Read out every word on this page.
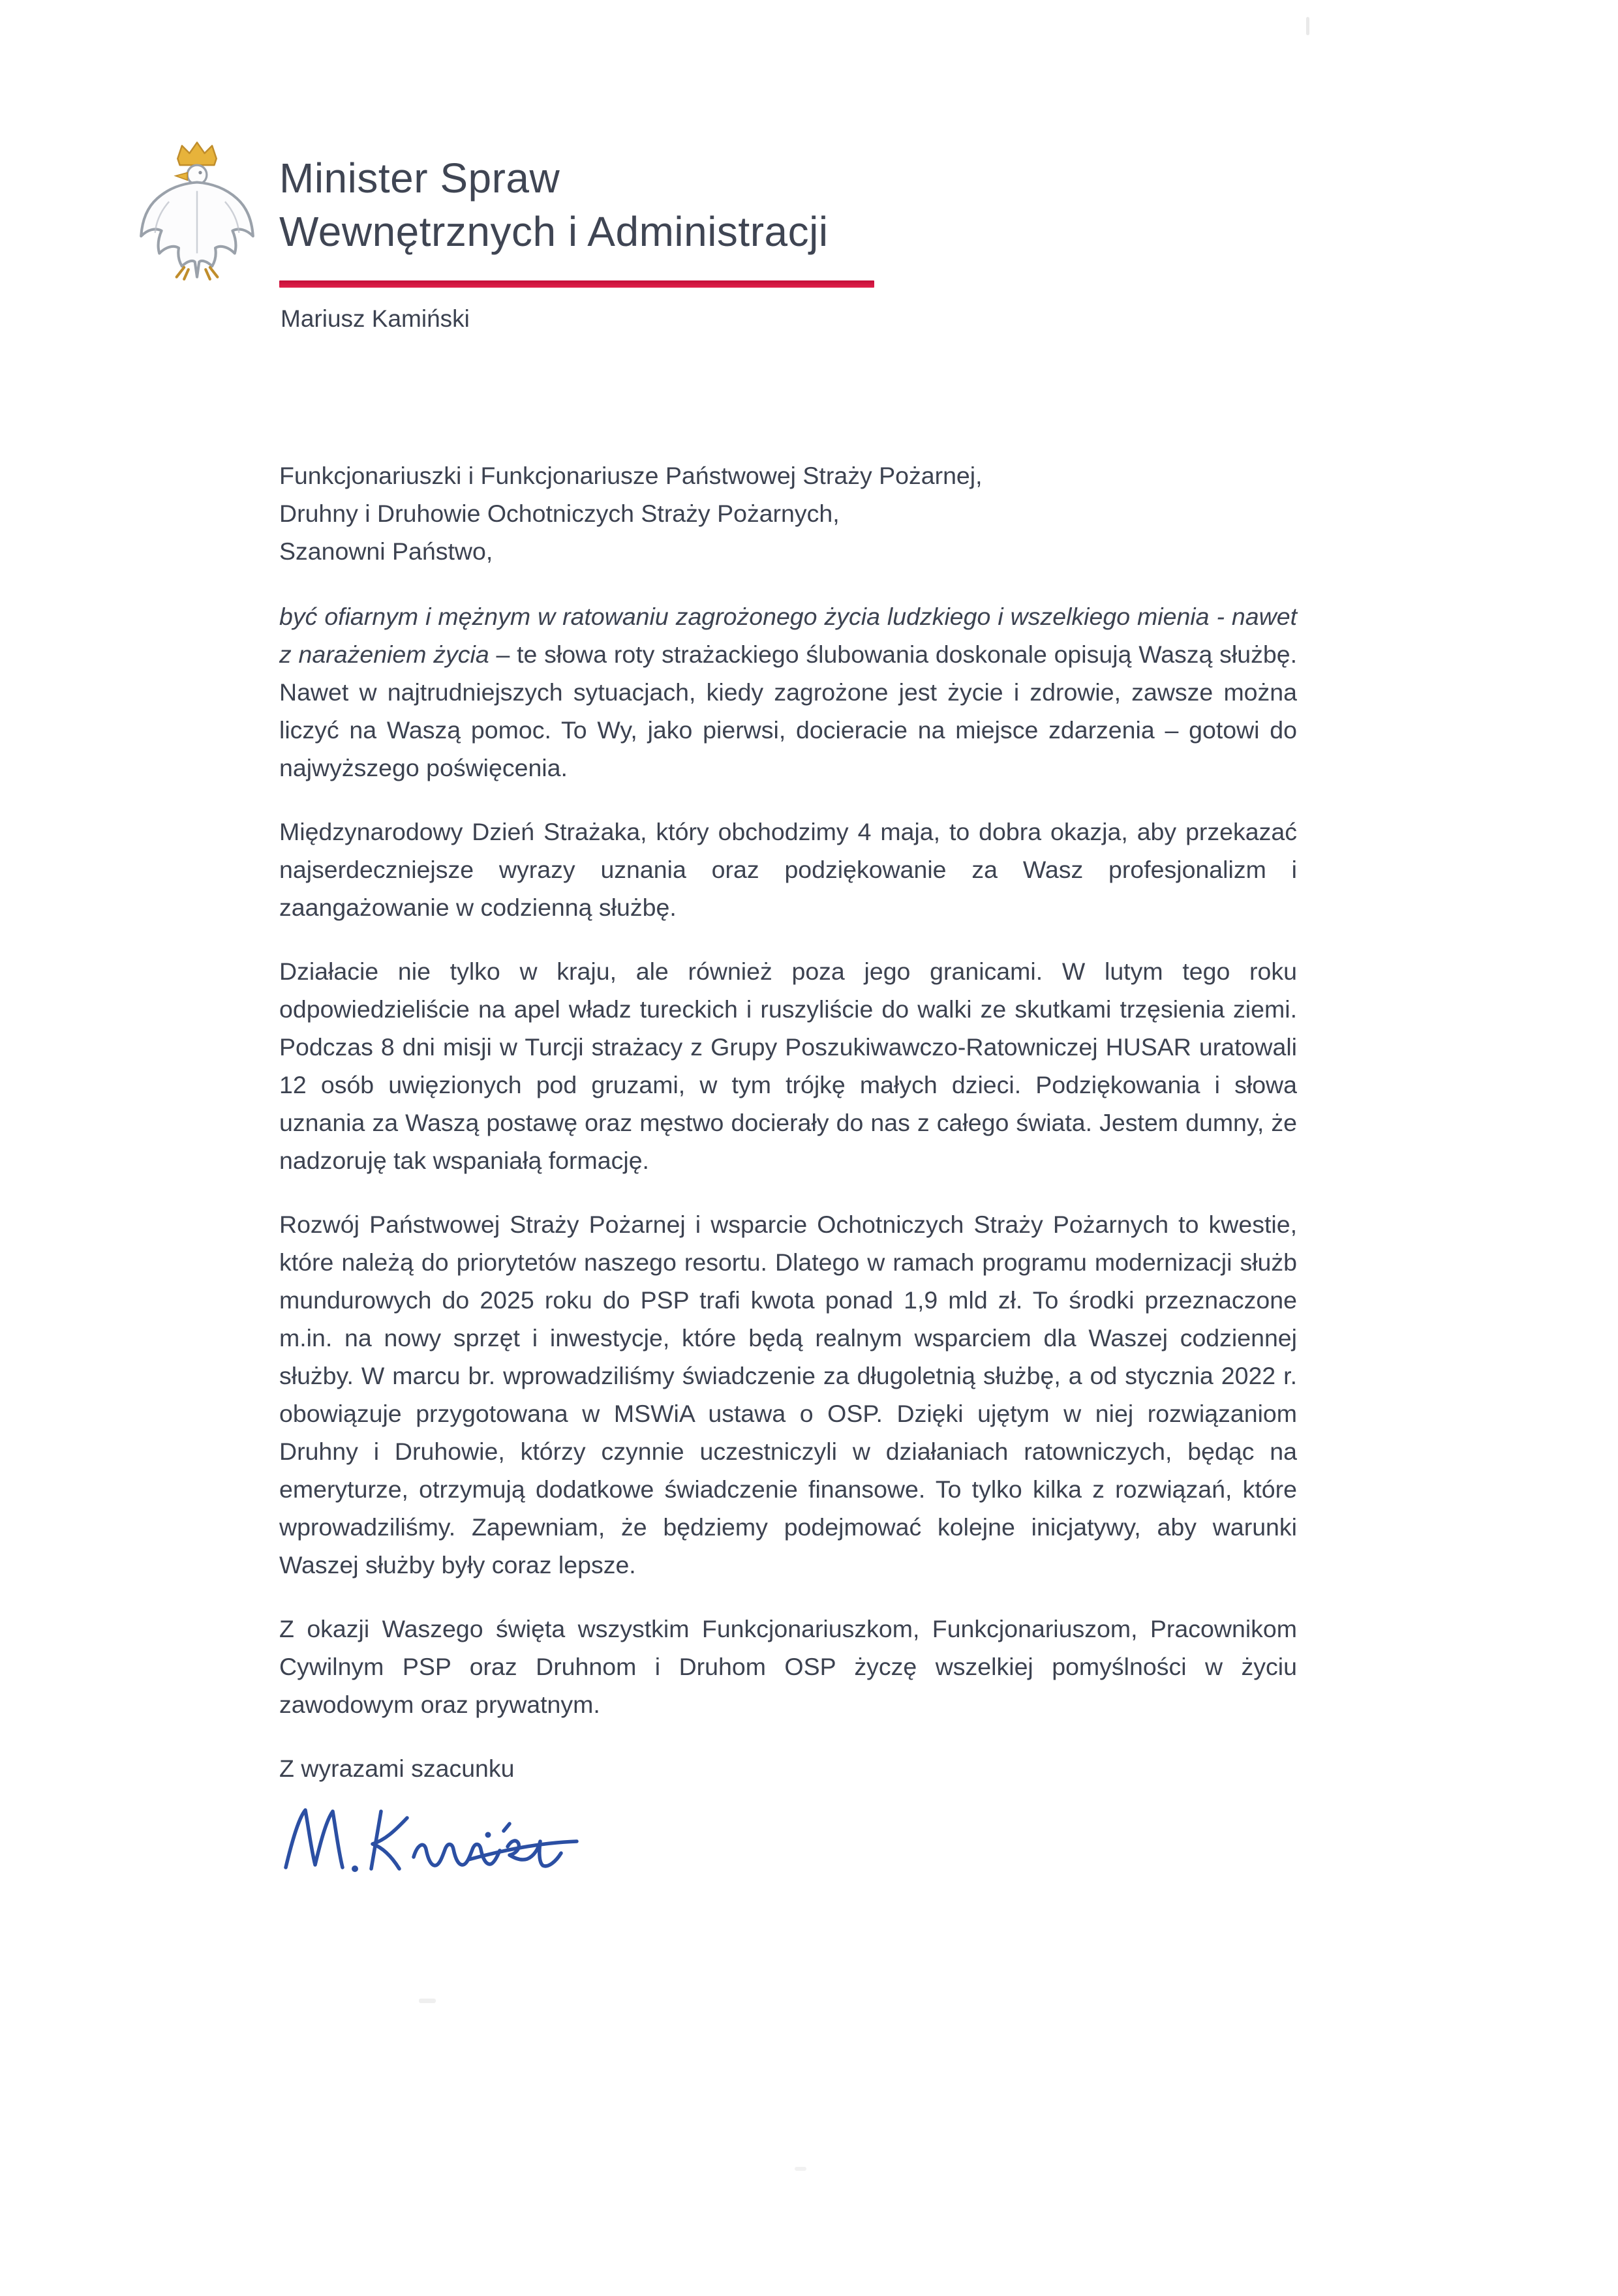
Minister Spraw
Wewnętrznych i Administracji
Mariusz Kamiński
Funkcjonariuszki i Funkcjonariusze Państwowej Straży Pożarnej,
Druhny i Druhowie Ochotniczych Straży Pożarnych,
Szanowni Państwo,

być ofiarnym i mężnym w ratowaniu zagrożonego życia ludzkiego i wszelkiego mienia - nawet z narażeniem życia – te słowa roty strażackiego ślubowania doskonale opisują Waszą służbę. Nawet w najtrudniejszych sytuacjach, kiedy zagrożone jest życie i zdrowie, zawsze można liczyć na Waszą pomoc. To Wy, jako pierwsi, docieracie na miejsce zdarzenia – gotowi do najwyższego poświęcenia.

Międzynarodowy Dzień Strażaka, który obchodzimy 4 maja, to dobra okazja, aby przekazać najserdeczniejsze wyrazy uznania oraz podziękowanie za Wasz profesjonalizm i zaangażowanie w codzienną służbę.

Działacie nie tylko w kraju, ale również poza jego granicami. W lutym tego roku odpowiedzieliście na apel władz tureckich i ruszyliście do walki ze skutkami trzęsienia ziemi. Podczas 8 dni misji w Turcji strażacy z Grupy Poszukiwawczo-Ratowniczej HUSAR uratowali 12 osób uwięzionych pod gruzami, w tym trójkę małych dzieci. Podziękowania i słowa uznania za Waszą postawę oraz męstwo docierały do nas z całego świata. Jestem dumny, że nadzoruję tak wspaniałą formację.

Rozwój Państwowej Straży Pożarnej i wsparcie Ochotniczych Straży Pożarnych to kwestie, które należą do priorytetów naszego resortu. Dlatego w ramach programu modernizacji służb mundurowych do 2025 roku do PSP trafi kwota ponad 1,9 mld zł. To środki przeznaczone m.in. na nowy sprzęt i inwestycje, które będą realnym wsparciem dla Waszej codziennej służby. W marcu br. wprowadziliśmy świadczenie za długoletnią służbę, a od stycznia 2022 r. obowiązuje przygotowana w MSWiA ustawa o OSP. Dzięki ujętym w niej rozwiązaniom Druhny i Druhowie, którzy czynnie uczestniczyli w działaniach ratowniczych, będąc na emeryturze, otrzymują dodatkowe świadczenie finansowe. To tylko kilka z rozwiązań, które wprowadziliśmy. Zapewniam, że będziemy podejmować kolejne inicjatywy, aby warunki Waszej służby były coraz lepsze.

Z okazji Waszego święta wszystkim Funkcjonariuszkom, Funkcjonariuszom, Pracownikom Cywilnym PSP oraz Druhnom i Druhom OSP życzę wszelkiej pomyślności w życiu zawodowym oraz prywatnym.

Z wyrazami szacunku
